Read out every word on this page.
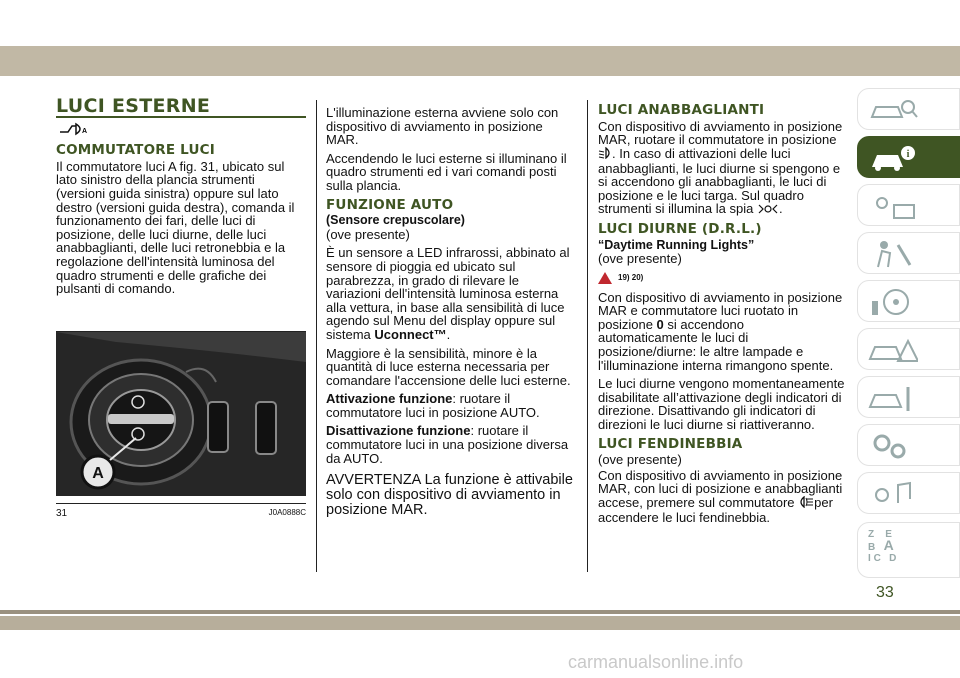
LUCI ESTERNE
A
COMMUTATORE LUCI

Il commutatore luci A fig. 31, ubicato sul lato sinistro della plancia strumenti (versioni guida sinistra) oppure sul lato destro (versioni guida destra), comanda il funzionamento dei fari, delle luci di posizione, delle luci diurne, delle luci anabbaglianti, delle luci retronebbia e la regolazione dell'intensità luminosa del quadro strumenti e delle grafiche dei pulsanti di comando.

A
31	J0A0888C

L'illuminazione esterna avviene solo con dispositivo di avviamento in posizione MAR.

Accendendo le luci esterne si illuminano il quadro strumenti ed i vari comandi posti sulla plancia.

FUNZIONE AUTO
(Sensore crepuscolare)

(ove presente)

È un sensore a LED infrarossi, abbinato al sensore di pioggia ed ubicato sul parabrezza, in grado di rilevare le variazioni dell'intensità luminosa esterna alla vettura, in base alla sensibilità di luce agendo sul Menu del display oppure sul sistema Uconnect™.

Maggiore è la sensibilità, minore è la quantità di luce esterna necessaria per comandare l'accensione delle luci esterne.

Attivazione funzione: ruotare il commutatore luci in posizione AUTO.

Disattivazione funzione: ruotare il commutatore luci in una posizione diversa da AUTO.

AVVERTENZA La funzione è attivabile solo con dispositivo di avviamento in posizione MAR.

LUCI ANABBAGLIANTI

Con dispositivo di avviamento in posizione MAR, ruotare il commutatore in posizione . In caso di attivazioni delle luci anabbaglianti, le luci diurne si spengono e si accendono gli anabbaglianti, le luci di posizione e le luci targa. Sul quadro strumenti si illumina la spia .

LUCI DIURNE (D.R.L.)
“Daytime Running Lights”

(ove presente)

19) 20)

Con dispositivo di avviamento in posizione MAR e commutatore luci ruotato in posizione 0 si accendono automaticamente le luci di posizione/diurne: le altre lampade e l'illuminazione interna rimangono spente.

Le luci diurne vengono momentaneamente disabilitate all’attivazione degli indicatori di direzione. Disattivando gli indicatori di direzioni le luci diurne si riattiveranno.

LUCI FENDINEBBIA

(ove presente)

Con dispositivo di avviamento in posizione MAR, con luci di posizione e anabbaglianti accese, premere sul commutatore per accendere le luci fendinebbia.

i
Z E
B A
I C D
33
carmanualsonline.info
